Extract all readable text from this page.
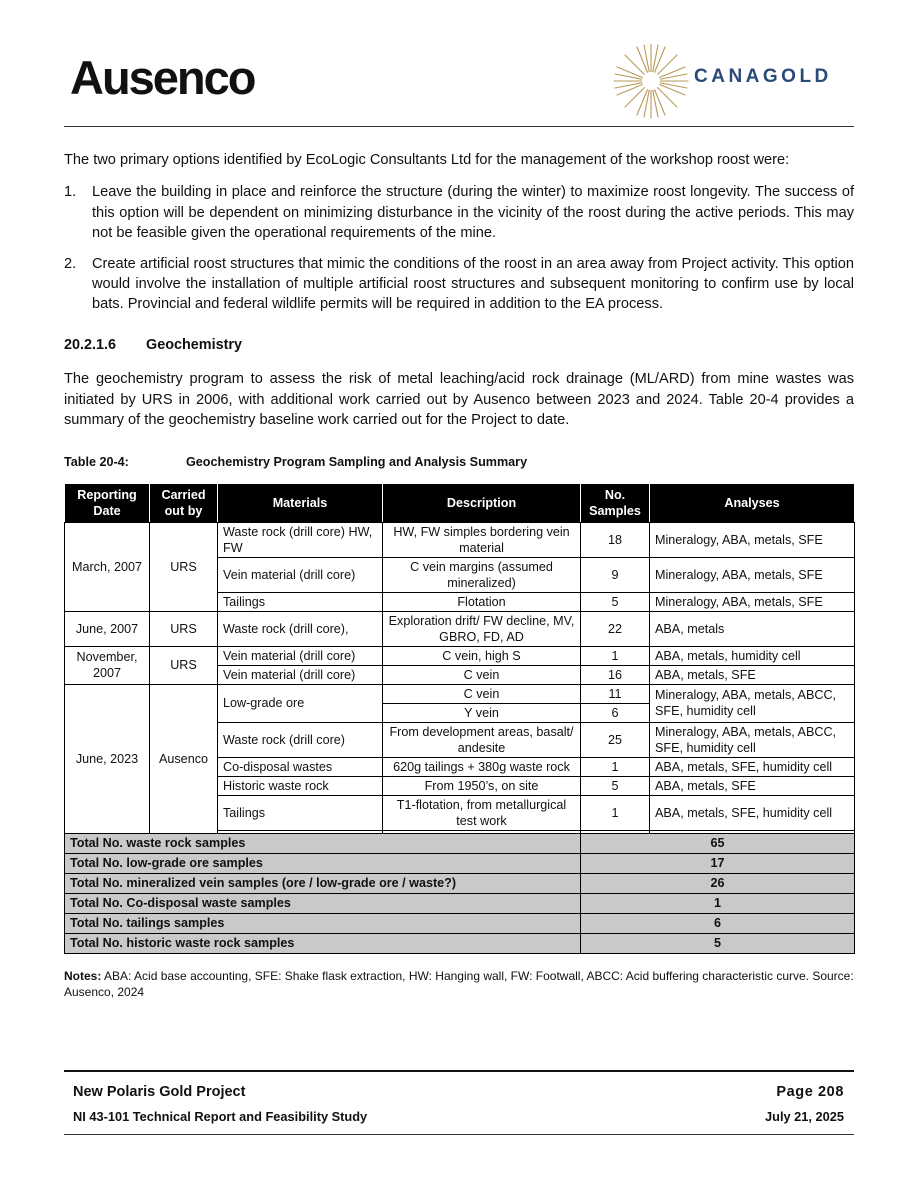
Ausenco	CANAGOLD

The two primary options identified by EcoLogic Consultants Ltd for the management of the workshop roost were:

1. Leave the building in place and reinforce the structure (during the winter) to maximize roost longevity. The success of this option will be dependent on minimizing disturbance in the vicinity of the roost during the active periods. This may not be feasible given the operational requirements of the mine.
2. Create artificial roost structures that mimic the conditions of the roost in an area away from Project activity. This option would involve the installation of multiple artificial roost structures and subsequent monitoring to confirm use by local bats. Provincial and federal wildlife permits will be required in addition to the EA process.
20.2.1.6 Geochemistry

The geochemistry program to assess the risk of metal leaching/acid rock drainage (ML/ARD) from mine wastes was initiated by URS in 2006, with additional work carried out by Ausenco between 2023 and 2024. Table 20-4 provides a summary of the geochemistry baseline work carried out for the Project to date.

Table 20-4:	Geochemistry Program Sampling and Analysis Summary
Reporting Date	Carried out by	Materials	Description	No. Samples	Analyses
March, 2007	URS	Waste rock (drill core) HW, FW	HW, FW simples bordering vein material	18	Mineralogy, ABA, metals, SFE
		Vein material (drill core)	C vein margins (assumed mineralized)	9	Mineralogy, ABA, metals, SFE
		Tailings	Flotation	5	Mineralogy, ABA, metals, SFE
June, 2007	URS	Waste rock (drill core),	Exploration drift/ FW decline, MV, GBRO, FD, AD	22	ABA, metals
November, 2007	URS	Vein material (drill core)	C vein, high S	1	ABA, metals, humidity cell
		Vein material (drill core)	C vein	16	ABA, metals, SFE
June, 2023	Ausenco	Low-grade ore	C vein	11	Mineralogy, ABA, metals, ABCC, SFE, humidity cell
			Y vein	6	
		Waste rock (drill core)	From development areas, basalt/ andesite	25	Mineralogy, ABA, metals, ABCC, SFE, humidity cell
		Co-disposal wastes	620g tailings + 380g waste rock	1	ABA, metals, SFE, humidity cell
		Historic waste rock	From 1950’s, on site	5	ABA, metals, SFE
		Tailings	T1-flotation, from metallurgical test work	1	ABA, metals, SFE, humidity cell

Total No. waste rock samples				65	
Total No. low-grade ore samples				17	
Total No. mineralized vein samples (ore / low-grade ore / waste?)				26	
Total No. Co-disposal waste samples				1	
Total No. tailings samples				6	
Total No. historic waste rock samples				5	
Notes: ABA: Acid base accounting, SFE: Shake flask extraction, HW: Hanging wall, FW: Footwall, ABCC: Acid buffering characteristic curve. Source: Ausenco, 2024
New Polaris Gold Project
NI 43-101 Technical Report and Feasibility Study
Page 208
July 21, 2025
